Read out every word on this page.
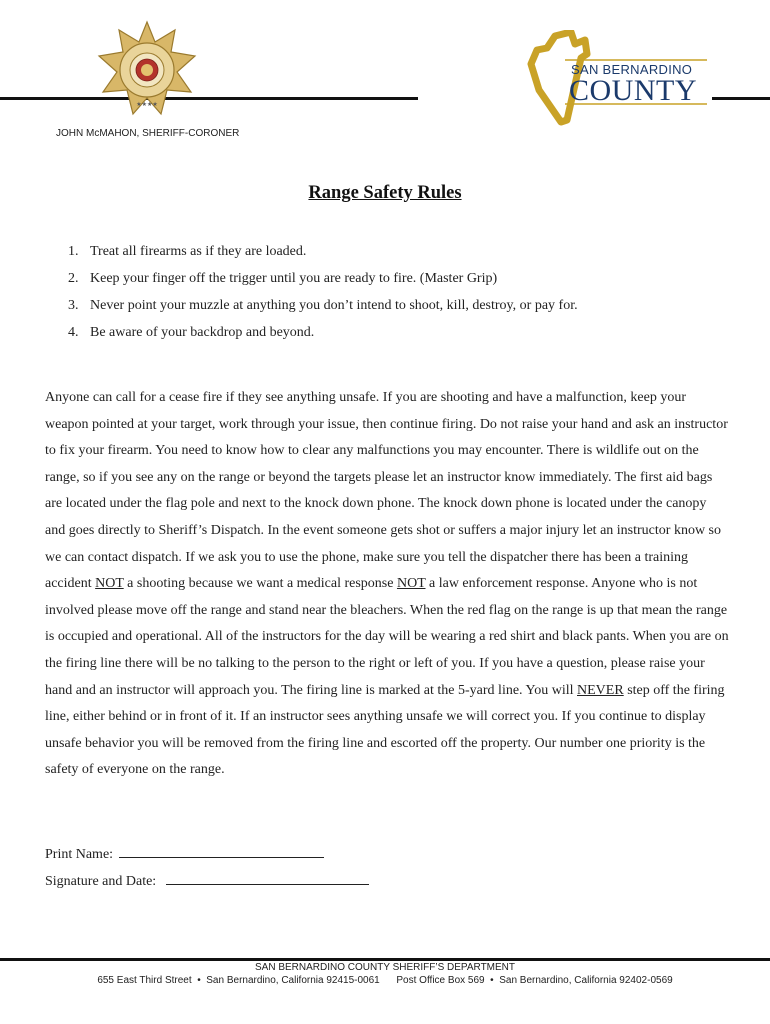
★★★★
SAN BERNARDINO
COUNTY
JOHN McMAHON, SHERIFF-CORONER
Range Safety Rules
1. Treat all firearms as if they are loaded.
2. Keep your finger off the trigger until you are ready to fire. (Master Grip)
3. Never point your muzzle at anything you don’t intend to shoot, kill, destroy, or pay for.
4. Be aware of your backdrop and beyond.

Anyone can call for a cease fire if they see anything unsafe. If you are shooting and have a malfunction, keep your weapon pointed at your target, work through your issue, then continue firing. Do not raise your hand and ask an instructor to fix your firearm. You need to know how to clear any malfunctions you may encounter. There is wildlife out on the range, so if you see any on the range or beyond the targets please let an instructor know immediately. The first aid bags are located under the flag pole and next to the knock down phone. The knock down phone is located under the canopy and goes directly to Sheriff’s Dispatch. In the event someone gets shot or suffers a major injury let an instructor know so we can contact dispatch. If we ask you to use the phone, make sure you tell the dispatcher there has been a training accident NOT a shooting because we want a medical response NOT a law enforcement response. Anyone who is not involved please move off the range and stand near the bleachers. When the red flag on the range is up that mean the range is occupied and operational. All of the instructors for the day will be wearing a red shirt and black pants. When you are on the firing line there will be no talking to the person to the right or left of you. If you have a question, please raise your hand and an instructor will approach you. The firing line is marked at the 5-yard line. You will NEVER step off the firing line, either behind or in front of it. If an instructor sees anything unsafe we will correct you. If you continue to display unsafe behavior you will be removed from the firing line and escorted off the property. Our number one priority is the safety of everyone on the range.

Print Name:
Signature and Date:
SAN BERNARDINO COUNTY SHERIFF’S DEPARTMENT
655 East Third Street • San Bernardino, California 92415-0061 Post Office Box 569 • San Bernardino, California 92402-0569
